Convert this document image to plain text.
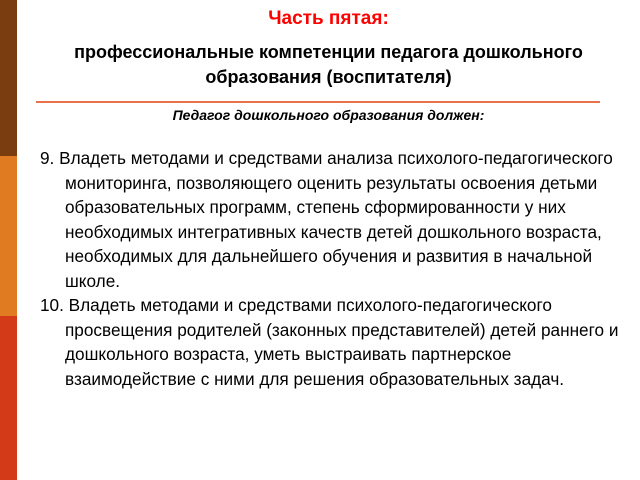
Часть пятая:
профессиональные компетенции педагога дошкольного
образования (воспитателя)
Педагог дошкольного образования должен:
9. Владеть методами и средствами анализа психолого-педагогического мониторинга, позволяющего оценить результаты освоения детьми образовательных программ, степень сформированности у них необходимых интегративных качеств детей дошкольного возраста, необходимых для дальнейшего обучения и развития в начальной школе.
10. Владеть методами и средствами психолого-педагогического просвещения родителей (законных представителей) детей раннего и дошкольного возраста, уметь выстраивать партнерское взаимодействие с ними для решения образовательных задач.
